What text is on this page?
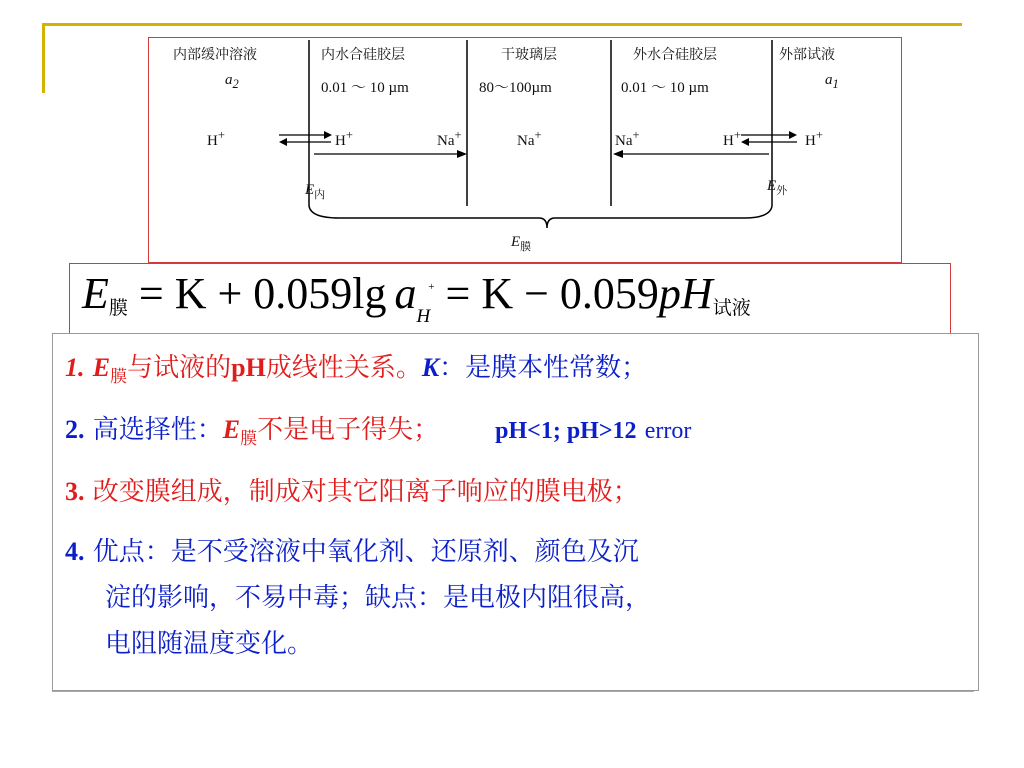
内部缓冲溶液	内水合硅胶层	干玻璃层	外水合硅胶层	外部试液
$a_2$	$a_1$
0.01 ～ 10 µm	80～100µm	0.01 ～ 10 µm
H+	H+	Na+	Na+	Na+	H+	H+
$E_内$
$E_外$
$E_膜$
E膜 = K + 0.059lg $a_H^+ = K - 0.059pH$试液
1. $E_膜$与试液的pH成线性关系。K：是膜本性常数；
2. 高选择性：$E_膜$不是电子得失； pH<1; pH>12 error
3. 改变膜组成，制成对其它阳离子响应的膜电极；
4. 优点：是不受溶液中氧化剂、还原剂、颜色及沉
淀的影响，不易中毒；缺点：是电极内阻很高，
电阻随温度变化。
